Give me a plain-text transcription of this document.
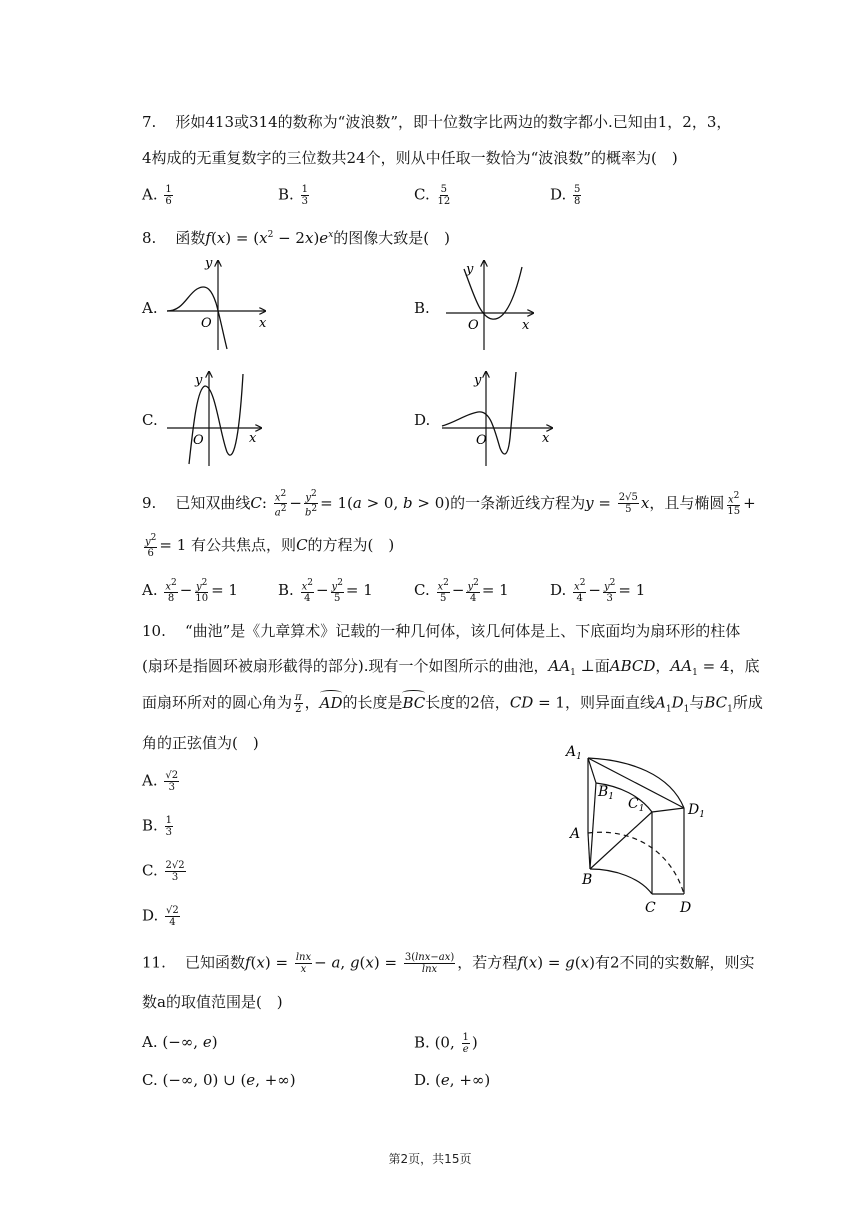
7. 形如413或314的数称为“波浪数”，即十位数字比两边的数字都小.已知由1，2，3，
4构成的无重复数字的三位数共24个，则从中任取一数恰为“波浪数”的概率为(　)
A. $\frac{1}{6}$	B. $\frac{1}{3}$	C. $\frac{5}{12}$	D. $\frac{5}{8}$
8. 函数$f(x) = (x^2 - 2x)e^x$的图像大致是(　)
A.
y
O	x
B.
y
O	x
C.
y
O	x
D.
y
O	x
9. 已知双曲线C: $\frac{x^2}{a^2} - \frac{y^2}{b^2} = 1(a > 0$, b > 0)的一条渐近线方程为$y = \frac{2√5}{5}$ x，且与椭圆 $\frac{x^2}{15}$ +
$\frac{y^2}{6} = 1$ 有公共焦点，则C的方程为(　)
A. $\frac{x^2}{8} - \frac{y^2}{10} = 1$	B. $\frac{x^2}{4} - \frac{y^2}{5} = 1$	C. $\frac{x^2}{5} - \frac{y^2}{4} = 1$	D. $\frac{x^2}{4} - \frac{y^2}{3} = 1$
10. “曲池”是《九章算术》记载的一种几何体，该几何体是上、下底面均为扇环形的柱体
(扇环是指圆环被扇形截得的部分).现有一个如图所示的曲池，$AA_1$ ⊥面ABCD，$AA_1 = 4$，底
面扇环所对的圆心角为 $\frac{\pi}{2}$ ，AD的长度是BC长度的2倍，CD = 1，则异面直线$A_1D_1$与$BC_1$所成
角的正弦值为(　)
A. $\frac{√2}{3}$
B. $\frac{1}{3}$
C. $\frac{2√2}{3}$
D. $\frac{√2}{4}$
$A_1$
$B_1$ $C_1$	$D_1$
A
B
C D
11. 已知函数$f(x) = \frac{\ln x}{x} - a$, $g(x) = \frac{3(\ln x-ax)}{\ln x}$ ，若方程f(x) = g(x)有2不同的实数解，则实
数a的取值范围是(　)
A. (−∞, e)	B. (0, $\frac{1}{e}$ )
C. (−∞, 0) ∪ (e, +∞)	D. (e, +∞)
第2页，共15页
